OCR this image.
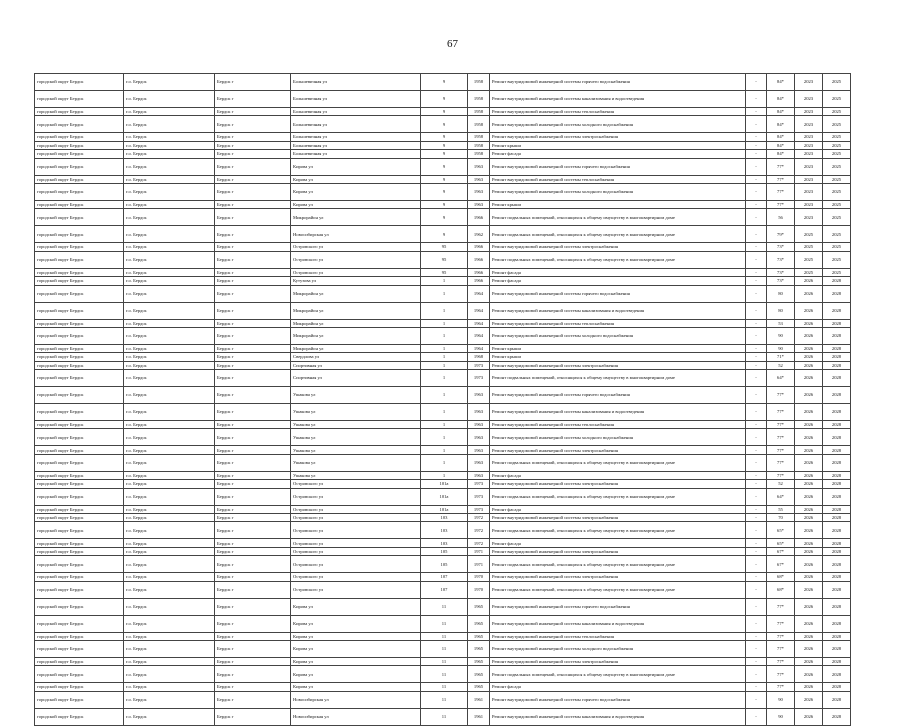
67
городской округ Бердск	г.о. Бердск	Бердск г	Большевичная ул	9	1958	Ремонт внутридомовой инженерной системы горячего водоснабжения	-	84*	2023	2025
городской округ Бердск	г.о. Бердск	Бердск г	Большевичная ул	9	1958	Ремонт внутридомовой инженерной системы канализования и водоотведения	-	84*	2023	2025
городской округ Бердск	г.о. Бердск	Бердск г	Большевичная ул	9	1958	Ремонт внутридомовой инженерной системы теплоснабжения	-	84*	2023	2025
городской округ Бердск	г.о. Бердск	Бердск г	Большевичная ул	9	1958	Ремонт внутридомовой инженерной системы холодного водоснабжения	-	84*	2023	2025
городской округ Бердск	г.о. Бердск	Бердск г	Большевичная ул	9	1958	Ремонт внутридомовой инженерной системы электроснабжения	-	84*	2023	2025
городской округ Бердск	г.о. Бердск	Бердск г	Большевичная ул	9	1958	Ремонт крыши	-	84*	2023	2025
городской округ Бердск	г.о. Бердск	Бердск г	Большевичная ул	9	1958	Ремонт фасада	-	84*	2023	2025
городской округ Бердск	г.о. Бердск	Бердск г	Кирова ул	9	1963	Ремонт внутридомовой инженерной системы горячего водоснабжения	-	77*	2023	2025
городской округ Бердск	г.о. Бердск	Бердск г	Кирова ул	9	1963	Ремонт внутридомовой инженерной системы теплоснабжения	-	77*	2023	2025
городской округ Бердск	г.о. Бердск	Бердск г	Кирова ул	9	1963	Ремонт внутридомовой инженерной системы холодного водоснабжения	-	77*	2023	2025
городской округ Бердск	г.о. Бердск	Бердск г	Кирова ул	9	1963	Ремонт крыши	-	77*	2023	2025
городской округ Бердск	г.о. Бердск	Бердск г	Микрорайон ул	9	1966	Ремонт подвальных помещений, относящихся к общему имуществу в многоквартирном доме	-	56	2023	2025
городской округ Бердск	г.о. Бердск	Бердск г	Новосибирская ул	9	1962	Ремонт подвальных помещений, относящихся к общему имуществу в многоквартирном доме	-	79*	2025	2025
городской округ Бердск	г.о. Бердск	Бердск г	Островского ул	95	1966	Ремонт внутридомовой инженерной системы электроснабжения	-	73*	2025	2025
городской округ Бердск	г.о. Бердск	Бердск г	Островского ул	95	1966	Ремонт подвальных помещений, относящихся к общему имуществу в многоквартирном доме	-	73*	2025	2025
городской округ Бердск	г.о. Бердск	Бердск г	Островского ул	95	1966	Ремонт фасада	-	73*	2025	2025
городской округ Бердск	г.о. Бердск	Бердск г	Кутузова ул	1	1966	Ремонт фасада	-	73*	2026	2028
городской округ Бердск	г.о. Бердск	Бердск г	Микрорайон ул	1	1964	Ремонт внутридомовой инженерной системы горячего водоснабжения	-	80	2026	2028
городской округ Бердск	г.о. Бердск	Бердск г	Микрорайон ул	1	1964	Ремонт внутридомовой инженерной системы канализования и водоотведения	-	80	2026	2028
городской округ Бердск	г.о. Бердск	Бердск г	Микрорайон ул	1	1964	Ремонт внутридомовой инженерной системы теплоснабжения	-	53	2026	2028
городской округ Бердск	г.о. Бердск	Бердск г	Микрорайон ул	1	1964	Ремонт внутридомовой инженерной системы холодного водоснабжения	-	90	2026	2028
городской округ Бердск	г.о. Бердск	Бердск г	Микрорайон ул	1	1964	Ремонт крыши	-	90	2026	2028
городской округ Бердск	г.о. Бердск	Бердск г	Свердлова ул	1	1968	Ремонт крыши	-	71*	2026	2028
городской округ Бердск	г.о. Бердск	Бердск г	Спортивная ул	1	1973	Ремонт внутридомовой инженерной системы электроснабжения	-	52	2026	2028
городской округ Бердск	г.о. Бердск	Бердск г	Спортивная ул	1	1973	Ремонт подвальных помещений, относящихся к общему имуществу в многоквартирном доме	-	64*	2026	2028
городской округ Бердск	г.о. Бердск	Бердск г	Ушакова ул	1	1963	Ремонт внутридомовой инженерной системы горячего водоснабжения	-	77*	2026	2028
городской округ Бердск	г.о. Бердск	Бердск г	Ушакова ул	1	1963	Ремонт внутридомовой инженерной системы канализования и водоотведения	-	77*	2026	2028
городской округ Бердск	г.о. Бердск	Бердск г	Ушакова ул	1	1963	Ремонт внутридомовой инженерной системы теплоснабжения	-	77*	2026	2028
городской округ Бердск	г.о. Бердск	Бердск г	Ушакова ул	1	1963	Ремонт внутридомовой инженерной системы холодного водоснабжения	-	77*	2026	2028
городской округ Бердск	г.о. Бердск	Бердск г	Ушакова ул	1	1963	Ремонт внутридомовой инженерной системы электроснабжения	-	77*	2026	2028
городской округ Бердск	г.о. Бердск	Бердск г	Ушакова ул	1	1963	Ремонт подвальных помещений, относящихся к общему имуществу в многоквартирном доме	-	77*	2026	2028
городской округ Бердск	г.о. Бердск	Бердск г	Ушакова ул	1	1963	Ремонт фасада	-	77*	2026	2028
городской округ Бердск	г.о. Бердск	Бердск г	Островского ул	101а	1973	Ремонт внутридомовой инженерной системы электроснабжения	-	52	2026	2028
городской округ Бердск	г.о. Бердск	Бердск г	Островского ул	101а	1973	Ремонт подвальных помещений, относящихся к общему имуществу в многоквартирном доме	-	64*	2026	2028
городской округ Бердск	г.о. Бердск	Бердск г	Островского ул	101а	1973	Ремонт фасада	-	55	2026	2028
городской округ Бердск	г.о. Бердск	Бердск г	Островского ул	103	1972	Ремонт внутридомовой инженерной системы электроснабжения	-	70	2026	2028
городской округ Бердск	г.о. Бердск	Бердск г	Островского ул	103	1972	Ремонт подвальных помещений, относящихся к общему имуществу в многоквартирном доме	-	65*	2026	2028
городской округ Бердск	г.о. Бердск	Бердск г	Островского ул	103	1972	Ремонт фасада	-	65*	2026	2028
городской округ Бердск	г.о. Бердск	Бердск г	Островского ул	105	1971	Ремонт внутридомовой инженерной системы электроснабжения	-	67*	2026	2028
городской округ Бердск	г.о. Бердск	Бердск г	Островского ул	105	1971	Ремонт подвальных помещений, относящихся к общему имуществу в многоквартирном доме	-	67*	2026	2028
городской округ Бердск	г.о. Бердск	Бердск г	Островского ул	107	1970	Ремонт внутридомовой инженерной системы электроснабжения	-	68*	2026	2028
городской округ Бердск	г.о. Бердск	Бердск г	Островского ул	107	1970	Ремонт подвальных помещений, относящихся к общему имуществу в многоквартирном доме	-	68*	2026	2028
городской округ Бердск	г.о. Бердск	Бердск г	Кирова ул	11	1965	Ремонт внутридомовой инженерной системы горячего водоснабжения	-	77*	2026	2028
городской округ Бердск	г.о. Бердск	Бердск г	Кирова ул	11	1965	Ремонт внутридомовой инженерной системы канализования и водоотведения	-	77*	2026	2028
городской округ Бердск	г.о. Бердск	Бердск г	Кирова ул	11	1965	Ремонт внутридомовой инженерной системы теплоснабжения	-	77*	2026	2028
городской округ Бердск	г.о. Бердск	Бердск г	Кирова ул	11	1965	Ремонт внутридомовой инженерной системы холодного водоснабжения	-	77*	2026	2028
городской округ Бердск	г.о. Бердск	Бердск г	Кирова ул	11	1965	Ремонт внутридомовой инженерной системы электроснабжения	-	77*	2026	2028
городской округ Бердск	г.о. Бердск	Бердск г	Кирова ул	11	1965	Ремонт подвальных помещений, относящихся к общему имуществу в многоквартирном доме	-	77*	2026	2028
городской округ Бердск	г.о. Бердск	Бердск г	Кирова ул	11	1965	Ремонт фасада	-	77*	2026	2028
городской округ Бердск	г.о. Бердск	Бердск г	Новосибирская ул	11	1961	Ремонт внутридомовой инженерной системы горячего водоснабжения	-	90	2026	2028
городской округ Бердск	г.о. Бердск	Бердск г	Новосибирская ул	11	1961	Ремонт внутридомовой инженерной системы канализования и водоотведения	-	90	2026	2028
